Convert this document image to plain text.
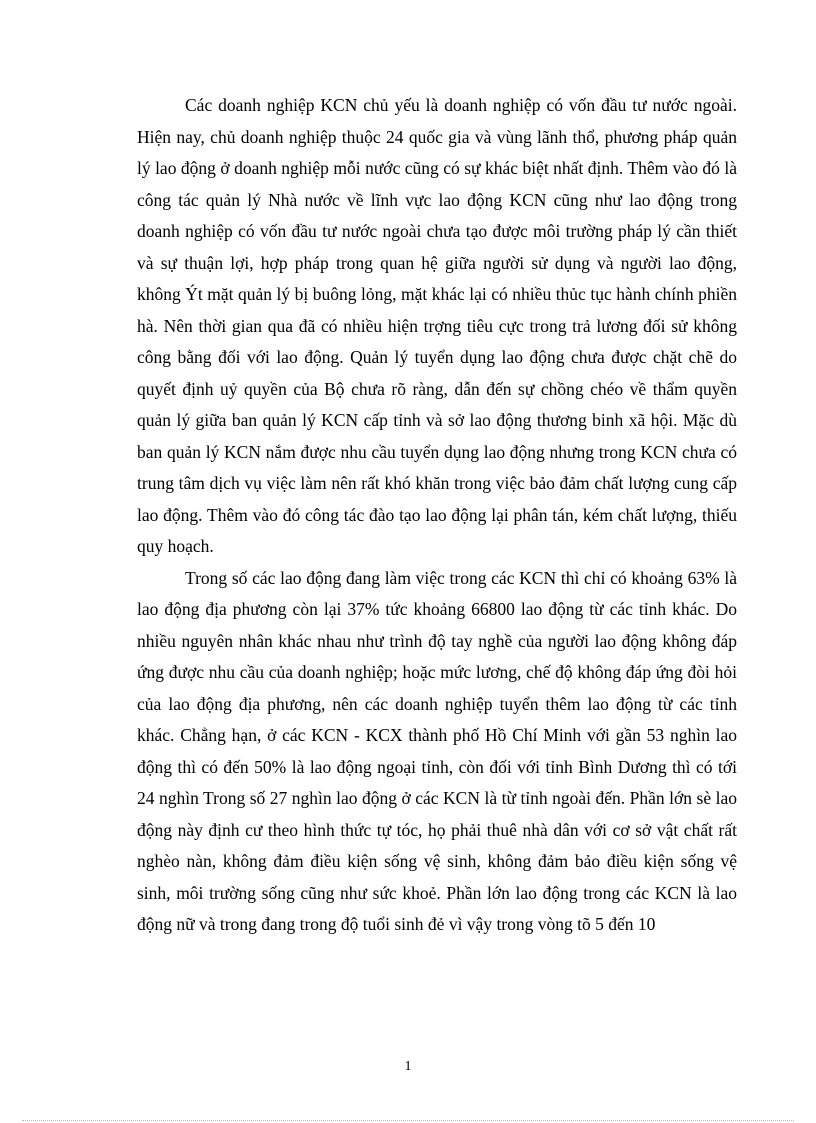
Các doanh nghiệp KCN chủ yếu là doanh nghiệp có vốn đầu tư nước ngoài. Hiện nay, chủ doanh nghiệp thuộc 24 quốc gia và vùng lãnh thổ, phương pháp quản lý lao động ở doanh nghiệp mỗi nước cũng có sự khác biệt nhất định. Thêm vào đó là công tác quản lý Nhà nước về lĩnh vực lao động KCN cũng như lao động trong doanh nghiệp có vốn đầu tư nước ngoài chưa tạo được môi trường pháp lý cần thiết và sự thuận lợi, hợp pháp trong quan hệ giữa người sử dụng và người lao động, không Ýt mặt quản lý bị buông lỏng, mặt khác lại có nhiều thủc tục hành chính phiền hà. Nên thời gian qua đã có nhiều hiện trợng tiêu cực trong trả lương đối sử không công bằng đối với lao động. Quản lý tuyển dụng lao động chưa được chặt chẽ do quyết định uỷ quyền của Bộ chưa rõ ràng, dẫn đến sự chồng chéo về thẩm quyền quản lý giữa ban quản lý KCN cấp tỉnh và sở lao động thương binh xã hội. Mặc dù ban quản lý KCN nắm được nhu cầu tuyển dụng lao động nhưng trong KCN chưa có trung tâm dịch vụ việc làm nên rất khó khăn trong việc bảo đảm chất lượng cung cấp lao động. Thêm vào đó công tác đào tạo lao động lại phân tán, kém chất lượng, thiếu quy hoạch.

Trong số các lao động đang làm việc trong các KCN thì chỉ có khoảng 63% là lao động địa phương còn lại 37% tức khoảng 66800 lao động từ các tỉnh khác. Do nhiều nguyên nhân khác nhau như trình độ tay nghề của người lao động không đáp ứng được nhu cầu của doanh nghiệp; hoặc mức lương, chế độ không đáp ứng đòi hỏi của lao động địa phương, nên các doanh nghiệp tuyển thêm lao động từ các tỉnh khác. Chẳng hạn, ở các KCN - KCX thành phố Hồ Chí Minh với gần 53 nghìn lao động thì có đến 50% là lao động ngoại tỉnh, còn đối với tỉnh Bình Dương thì có tới 24 nghìn Trong số 27 nghìn lao động ở các KCN là từ tỉnh ngoài đến. Phần lớn sè lao động này định cư theo hình thức tự tóc, họ phải thuê nhà dân với cơ sở vật chất rất nghèo nàn, không đảm điều kiện sống vệ sinh, không đảm bảo điều kiện sống vệ sinh, môi trường sống cũng như sức khoẻ. Phần lớn lao động trong các KCN là lao động nữ và trong đang trong độ tuổi sinh đẻ vì vậy trong vòng tõ 5 đến 10

1
